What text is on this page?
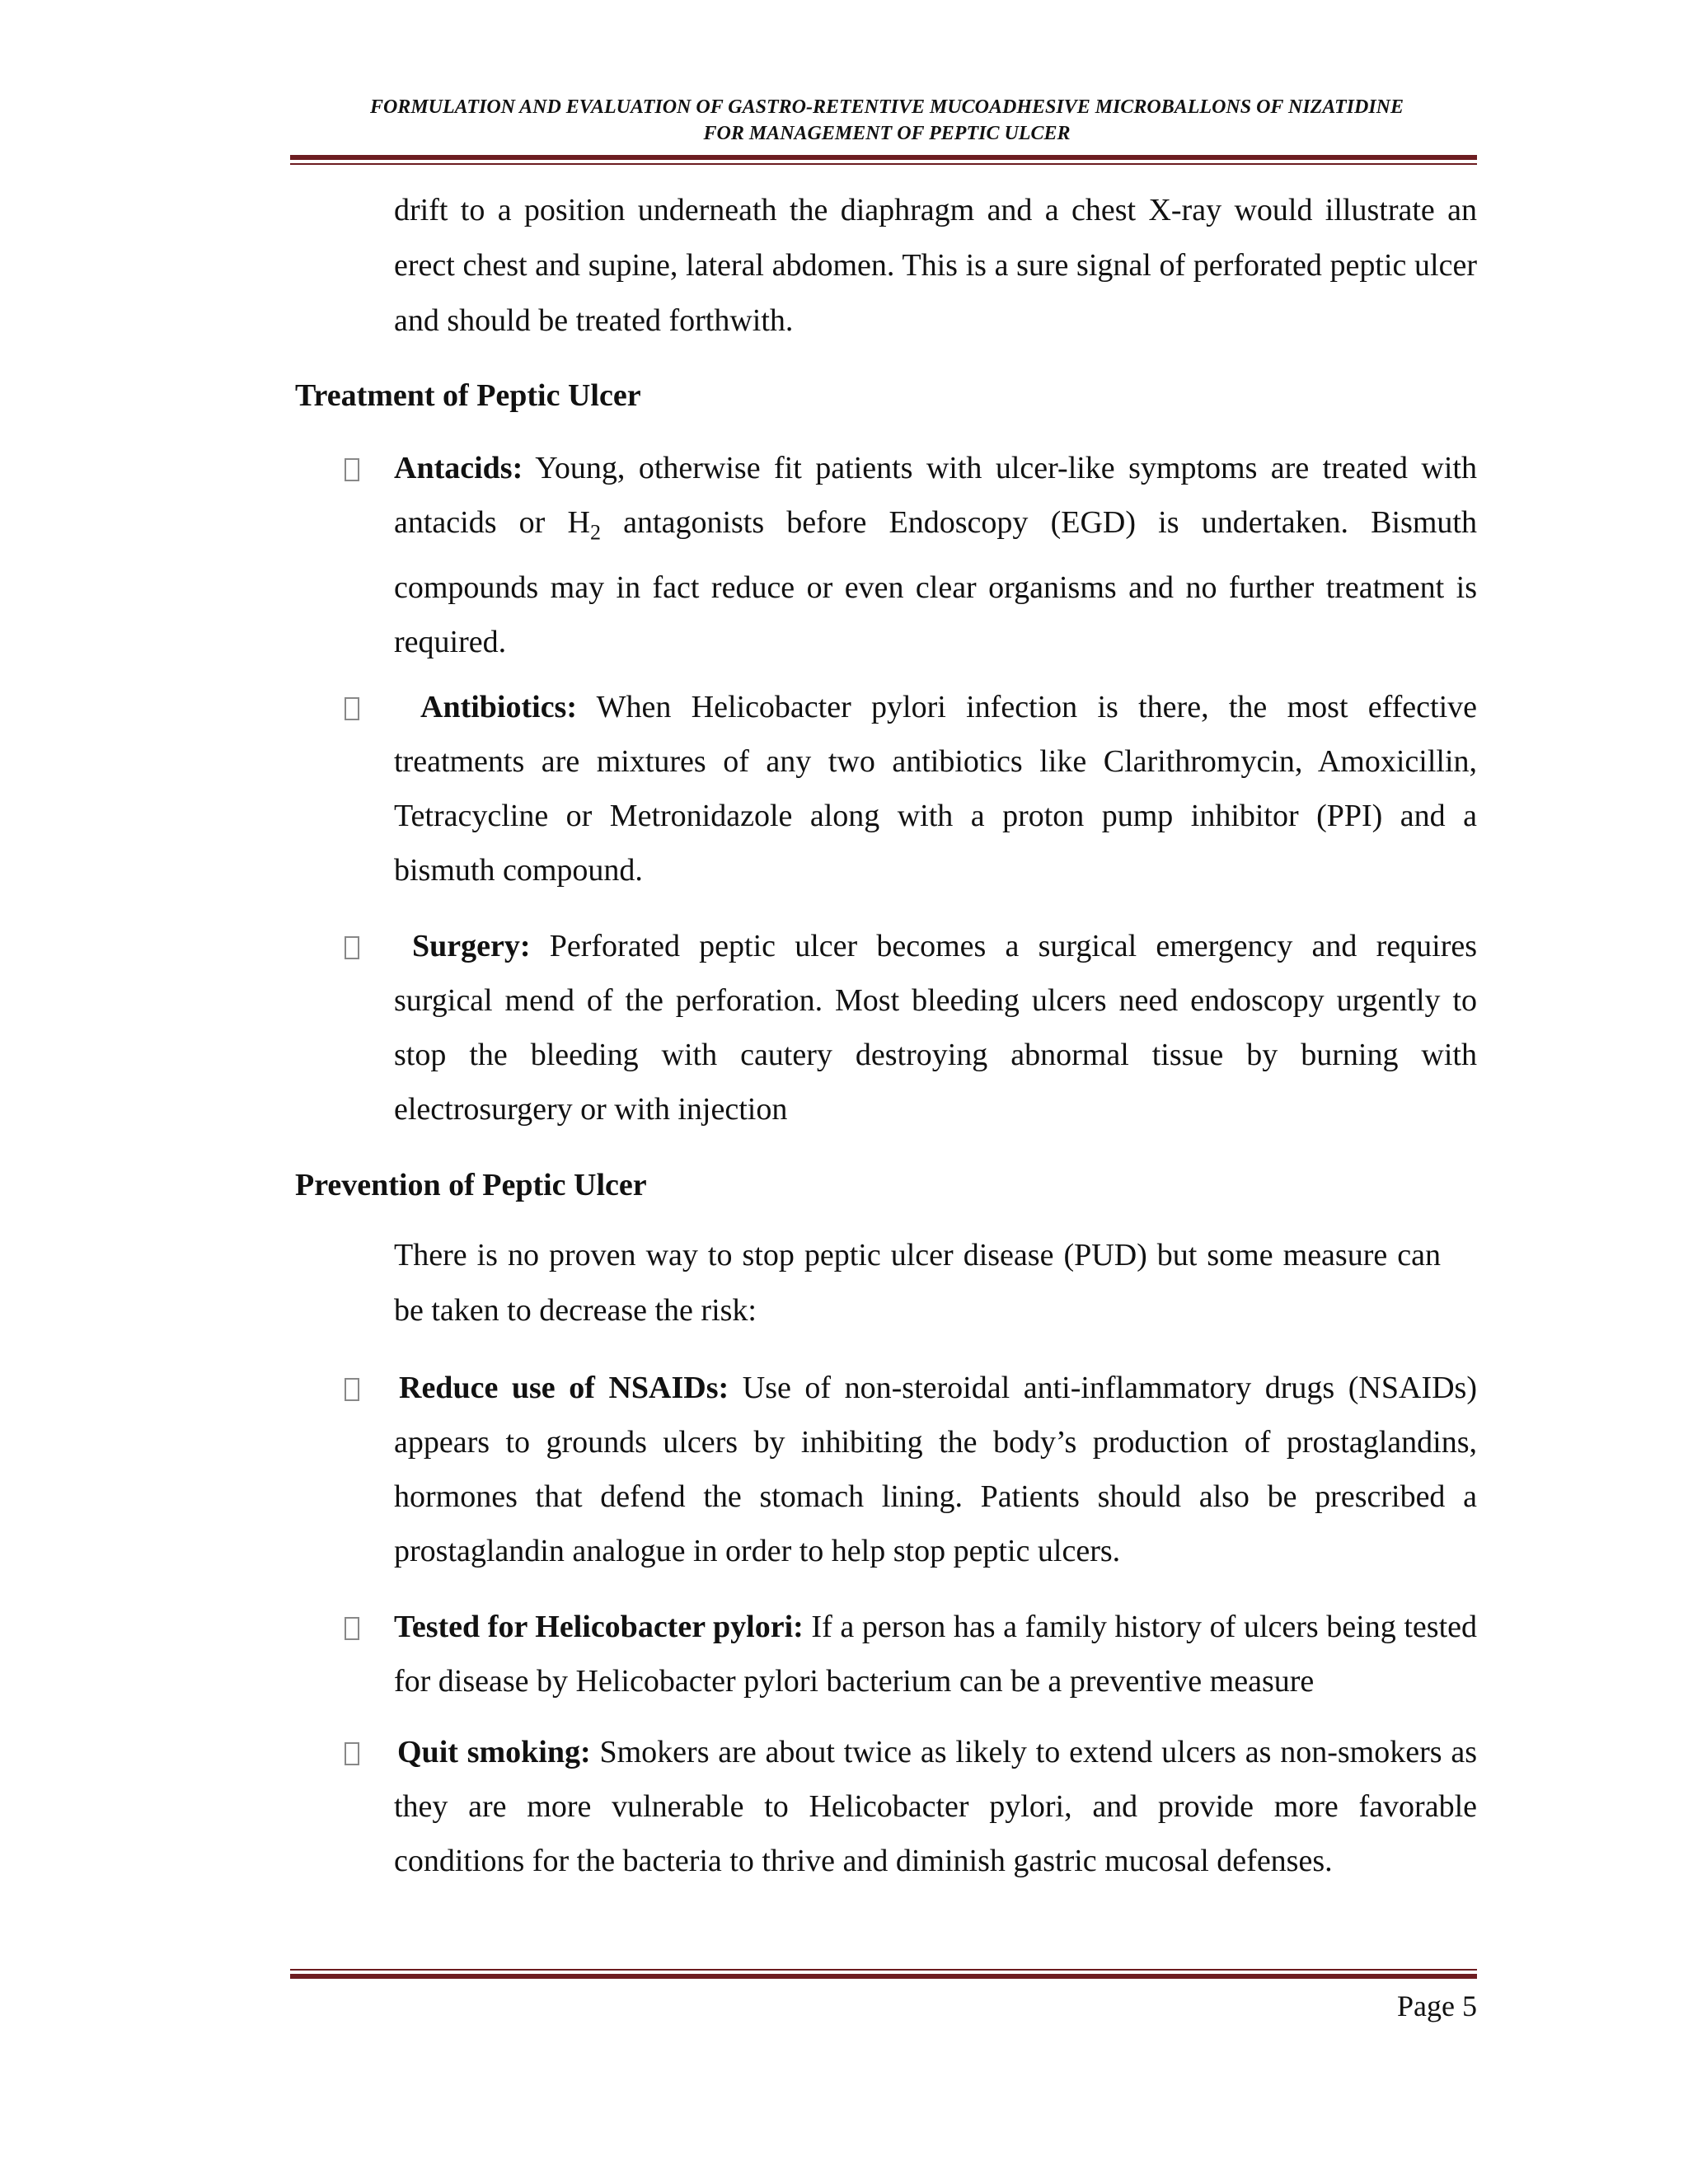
FORMULATION AND EVALUATION OF GASTRO-RETENTIVE MUCOADHESIVE MICROBALLONS OF NIZATIDINE
FOR MANAGEMENT OF PEPTIC ULCER
drift to a position underneath the diaphragm and a chest X-ray would illustrate an erect chest and supine, lateral abdomen. This is a sure signal of perforated peptic ulcer and should be treated forthwith.
Treatment of Peptic Ulcer
Antacids: Young, otherwise fit patients with ulcer-like symptoms are treated with antacids or $H_2$ antagonists before Endoscopy (EGD) is undertaken. Bismuth compounds may in fact reduce or even clear organisms and no further treatment is required.
Antibiotics: When Helicobacter pylori infection is there, the most effective treatments are mixtures of any two antibiotics like Clarithromycin, Amoxicillin, Tetracycline or Metronidazole along with a proton pump inhibitor (PPI) and a bismuth compound.
Surgery: Perforated peptic ulcer becomes a surgical emergency and requires surgical mend of the perforation. Most bleeding ulcers need endoscopy urgently to stop the bleeding with cautery destroying abnormal tissue by burning with electrosurgery or with injection
Prevention of Peptic Ulcer
There is no proven way to stop peptic ulcer disease (PUD) but some measure can be taken to decrease the risk:
Reduce use of NSAIDs: Use of non-steroidal anti-inflammatory drugs (NSAIDs) appears to grounds ulcers by inhibiting the body’s production of prostaglandins, hormones that defend the stomach lining. Patients should also be prescribed a prostaglandin analogue in order to help stop peptic ulcers.
Tested for Helicobacter pylori: If a person has a family history of ulcers being tested for disease by Helicobacter pylori bacterium can be a preventive measure
Quit smoking: Smokers are about twice as likely to extend ulcers as non-smokers as they are more vulnerable to Helicobacter pylori, and provide more favorable conditions for the bacteria to thrive and diminish gastric mucosal defenses.
Page 5
